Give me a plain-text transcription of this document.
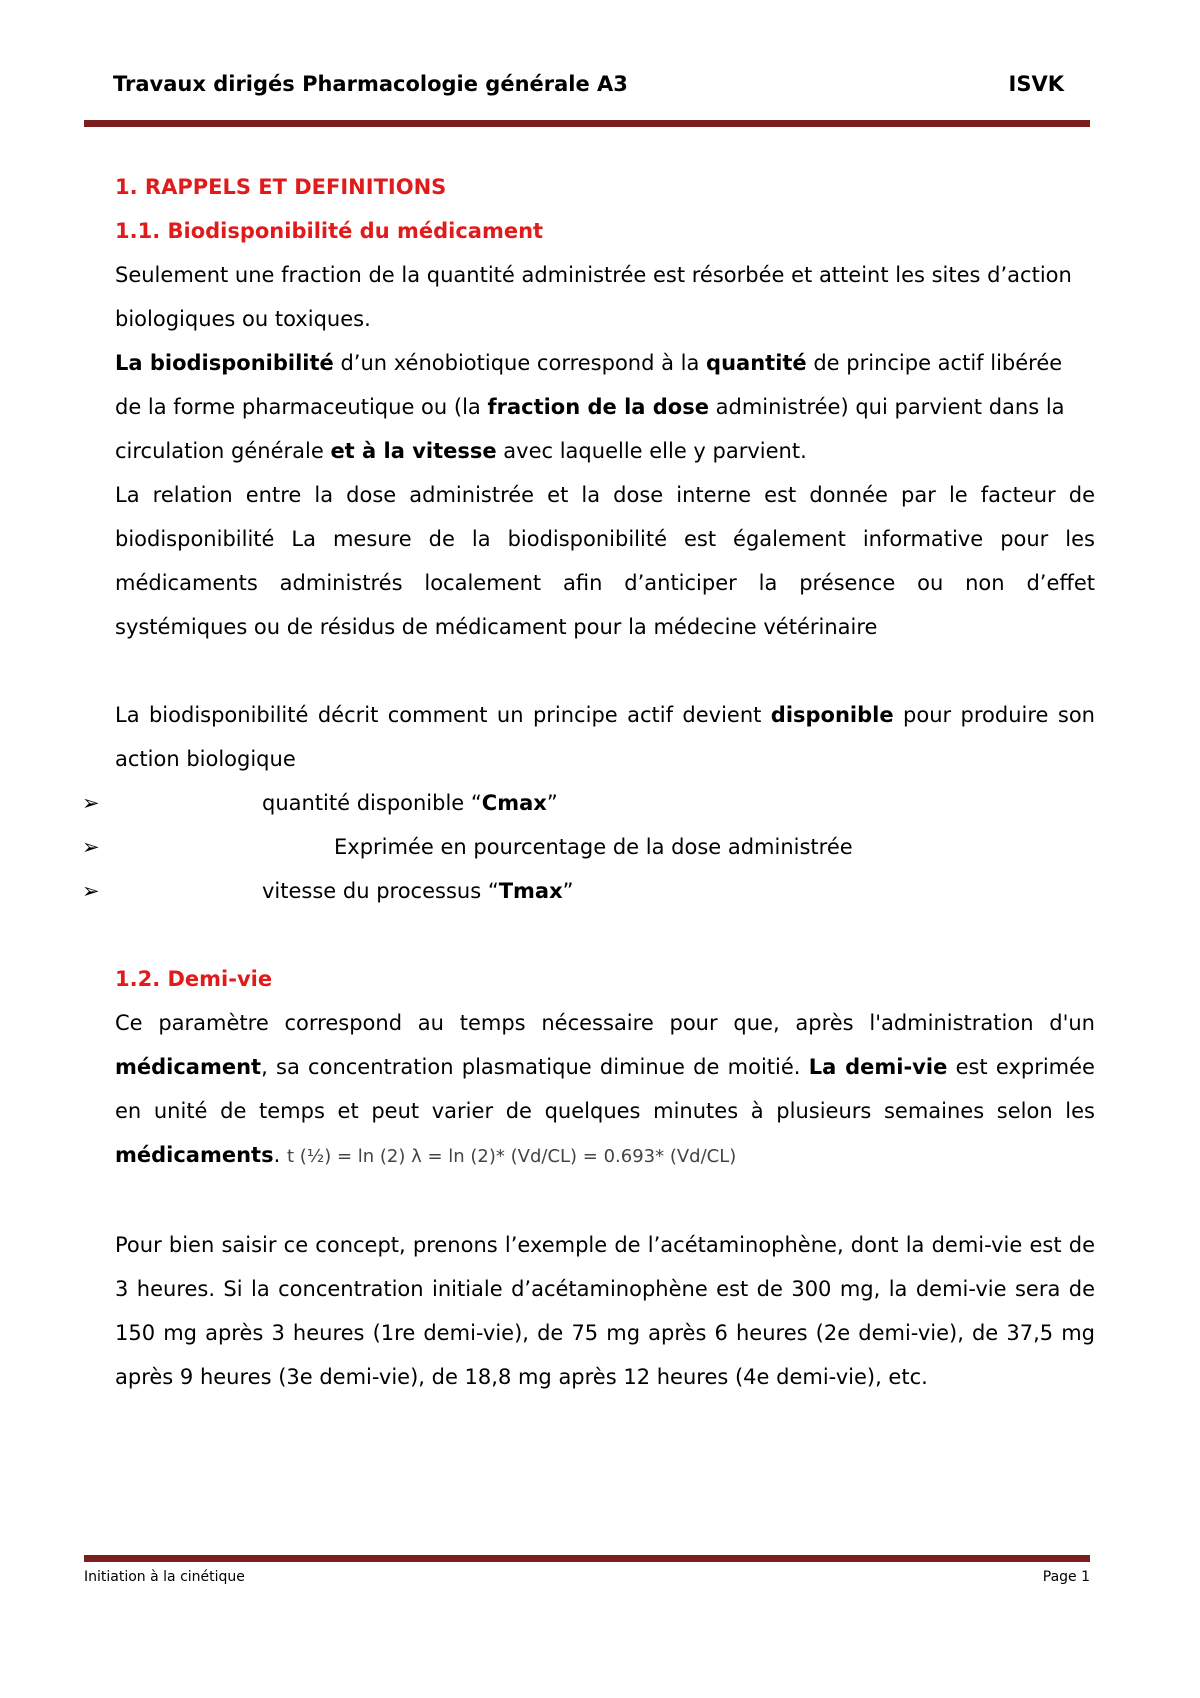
Travaux dirigés Pharmacologie générale A3	ISVK

1. RAPPELS ET DEFINITIONS

1.1. Biodisponibilité du médicament

Seulement une fraction de la quantité administrée est résorbée et atteint les sites d’action biologiques ou toxiques.

La biodisponibilité d’un xénobiotique correspond à la quantité de principe actif libérée de la forme pharmaceutique ou (la fraction de la dose administrée) qui parvient dans la circulation générale et à la vitesse avec laquelle elle y parvient.

La relation entre la dose administrée et la dose interne est donnée par le facteur de biodisponibilité La mesure de la biodisponibilité est également informative pour les médicaments administrés localement afin d’anticiper la présence ou non d’effet systémiques ou de résidus de médicament pour la médecine vétérinaire

La biodisponibilité décrit comment un principe actif devient disponible pour produire son action biologique

➢	quantité disponible “Cmax”
➢	Exprimée en pourcentage de la dose administrée
➢	vitesse du processus “Tmax”

1.2. Demi-vie

Ce paramètre correspond au temps nécessaire pour que, après l'administration d'un médicament, sa concentration plasmatique diminue de moitié. La demi-vie est exprimée en unité de temps et peut varier de quelques minutes à plusieurs semaines selon les médicaments. t (½) = ln (2) λ = ln (2)* (Vd/CL) = 0.693* (Vd/CL)

Pour bien saisir ce concept, prenons l’exemple de l’acétaminophène, dont la demi-vie est de 3 heures. Si la concentration initiale d’acétaminophène est de 300 mg, la demi-vie sera de 150 mg après 3 heures (1re demi-vie), de 75 mg après 6 heures (2e demi-vie), de 37,5 mg après 9 heures (3e demi-vie), de 18,8 mg après 12 heures (4e demi-vie), etc.

Initiation à la cinétique	Page 1
